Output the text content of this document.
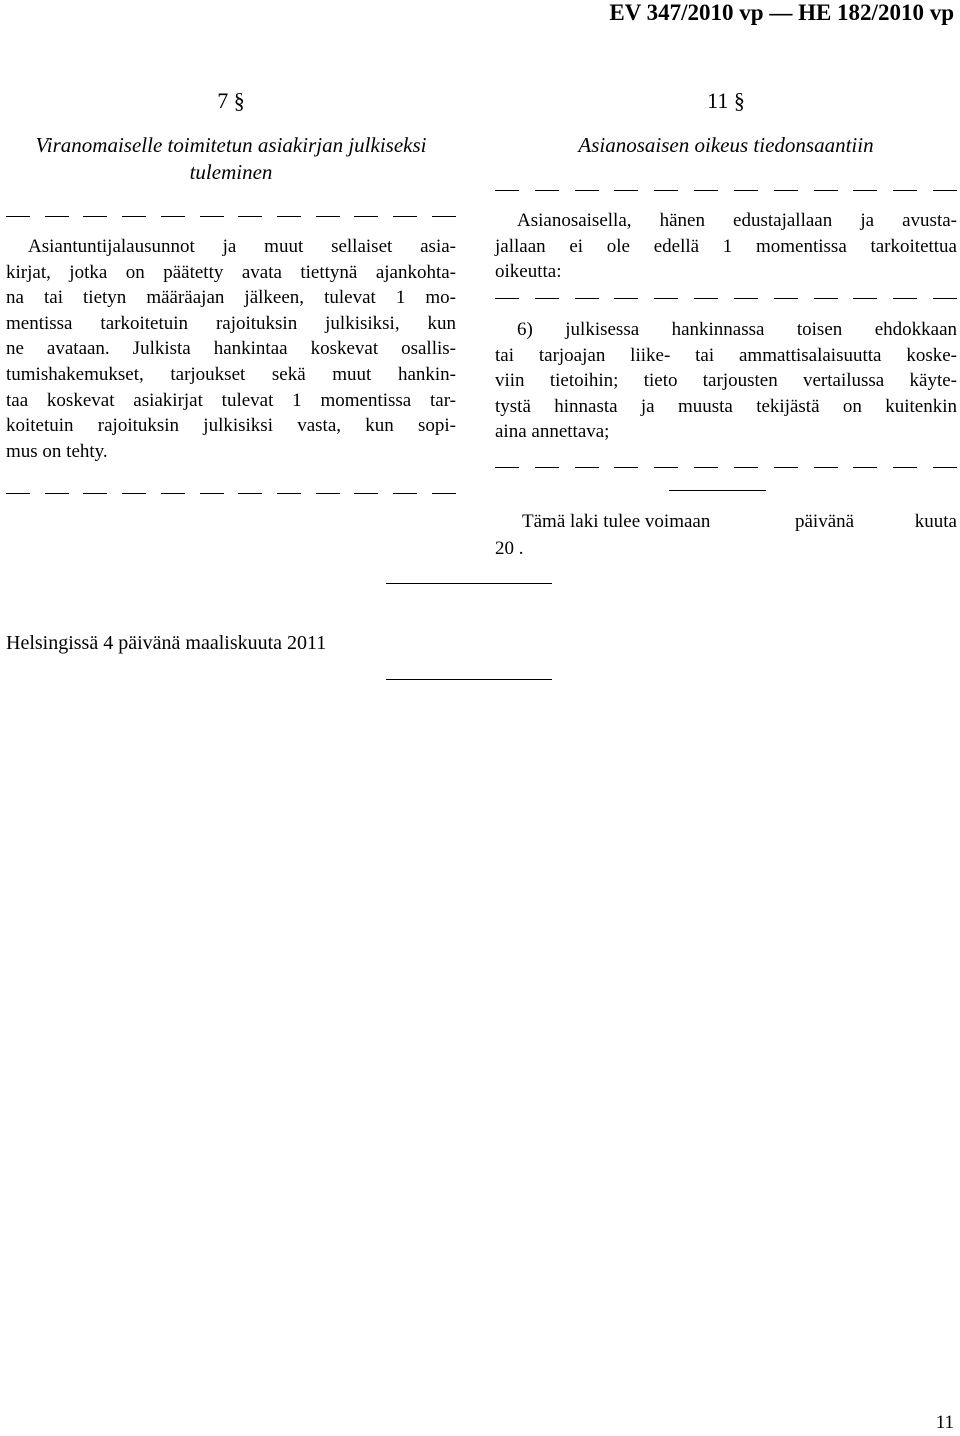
EV 347/2010 vp — HE 182/2010 vp
7 §
Viranomaiselle toimitetun asiakirjan julkiseksi
tuleminen
Asiantuntijalausunnot ja muut sellaiset asia-
kirjat, jotka on päätetty avata tiettynä ajankohta-
na tai tietyn määräajan jälkeen, tulevat 1 mo-
mentissa tarkoitetuin rajoituksin julkisiksi, kun
ne avataan. Julkista hankintaa koskevat osallis-
tumishakemukset, tarjoukset sekä muut hankin-
taa koskevat asiakirjat tulevat 1 momentissa tar-
koitetuin rajoituksin julkisiksi vasta, kun sopi-
mus on tehty.
11 §
Asianosaisen oikeus tiedonsaantiin
Asianosaisella, hänen edustajallaan ja avusta-
jallaan ei ole edellä 1 momentissa tarkoitettua
oikeutta:
6) julkisessa hankinnassa toisen ehdokkaan
tai tarjoajan liike- tai ammattisalaisuutta koske-
viin tietoihin; tieto tarjousten vertailussa käyte-
tystä hinnasta ja muusta tekijästä on kuitenkin
aina annettava;
Tämä laki tulee voimaan	päivänä	kuuta
20 .
Helsingissä 4 päivänä maaliskuuta 2011
11
